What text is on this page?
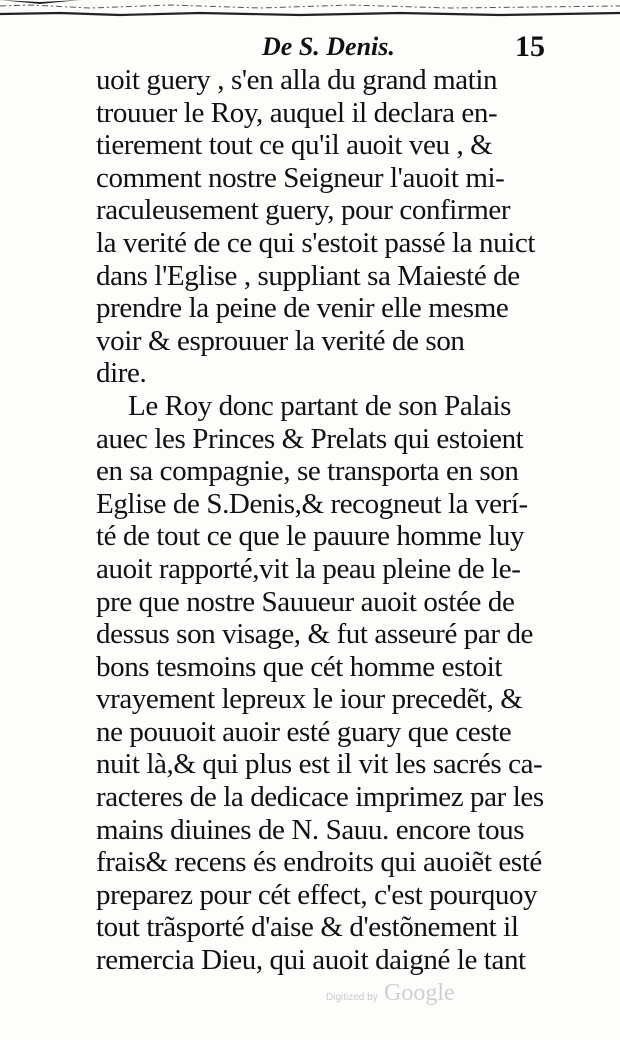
De S. Denis.	15
uoit guery , s'en alla du grand matin
trouuer le Roy, auquel il declara en-
tierement tout ce qu'il auoit veu , &
comment nostre Seigneur l'auoit mi-
raculeusement guery, pour confirmer
la verité de ce qui s'estoit passé la nuict
dans l'Eglise , suppliant sa Maiesté de
prendre la peine de venir elle mesme
voir & esprouuer la verité de son
dire.
Le Roy donc partant de son Palais
auec les Princes & Prelats qui estoient
en sa compagnie, se transporta en son
Eglise de S.Denis,& recogneut la verí-
té de tout ce que le pauure homme luy
auoit rapporté,vit la peau pleine de le-
pre que nostre Sauueur auoit ostée de
dessus son visage, & fut asseuré par de
bons tesmoins que cét homme estoit
vrayement lepreux le iour precedẽt, &
ne pouuoit auoir esté guary que ceste
nuit là,& qui plus est il vit les sacrés ca-
racteres de la dedicace imprimez par les
mains diuines de N. Sauu. encore tous
frais& recens és endroits qui auoiẽt esté
preparez pour cét effect, c'est pourquoy
tout trãsporté d'aise & d'estõnement il
remercia Dieu, qui auoit daigné le tant
Digitized by Google
